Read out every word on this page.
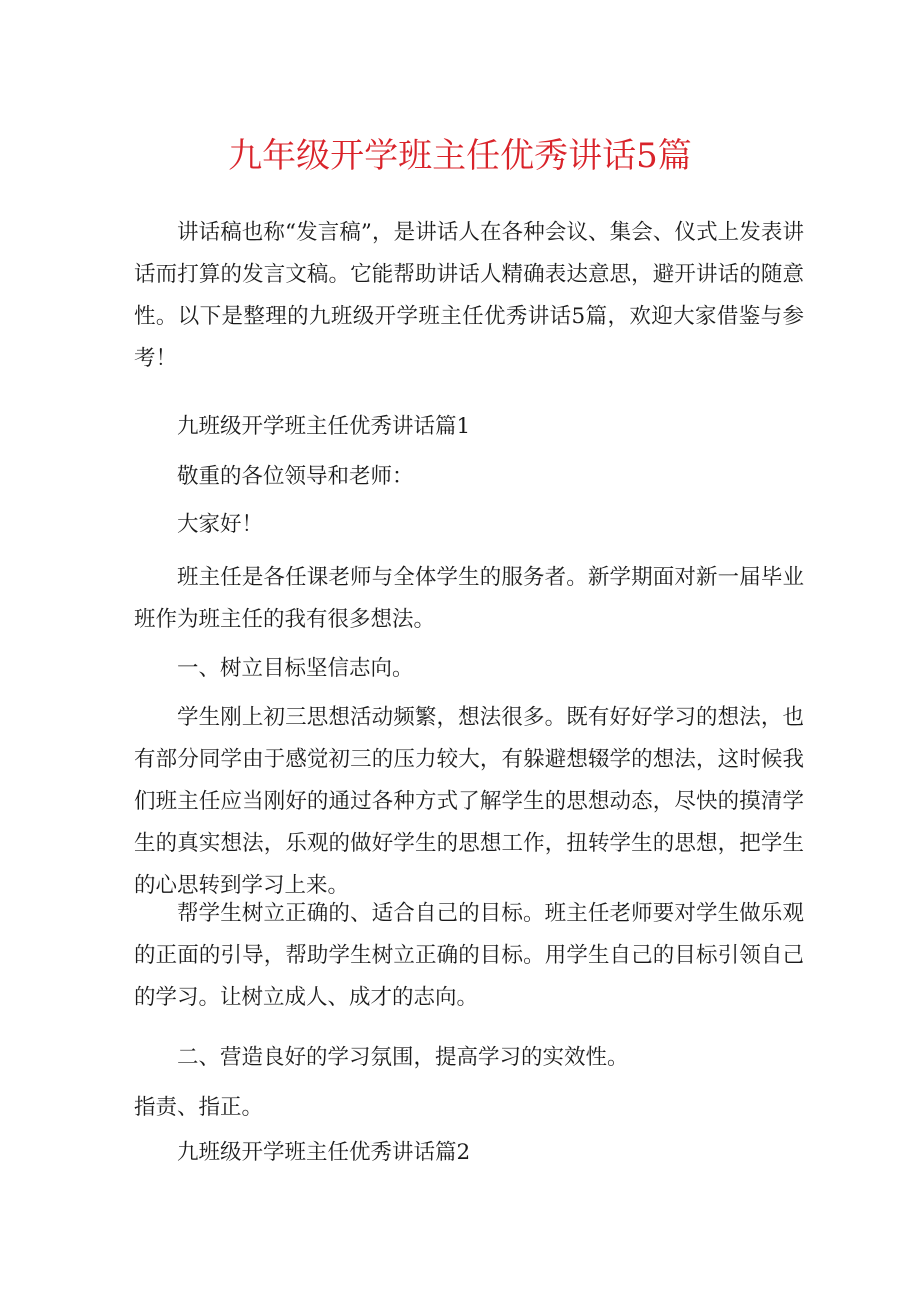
九年级开学班主任优秀讲话5篇

讲话稿也称“发言稿”，是讲话人在各种会议、集会、仪式上发表讲话而打算的发言文稿。它能帮助讲话人精确表达意思，避开讲话的随意性。以下是整理的九班级开学班主任优秀讲话5篇，欢迎大家借鉴与参考！

九班级开学班主任优秀讲话篇1
敬重的各位领导和老师：
大家好！

班主任是各任课老师与全体学生的服务者。新学期面对新一届毕业班作为班主任的我有很多想法。

一、树立目标坚信志向。

学生刚上初三思想活动频繁，想法很多。既有好好学习的想法，也有部分同学由于感觉初三的压力较大，有躲避想辍学的想法，这时候我们班主任应当刚好的通过各种方式了解学生的思想动态，尽快的摸清学生的真实想法，乐观的做好学生的思想工作，扭转学生的思想，把学生的心思转到学习上来。

帮学生树立正确的、适合自己的目标。班主任老师要对学生做乐观的正面的引导，帮助学生树立正确的目标。用学生自己的目标引领自己的学习。让树立成人、成才的志向。

二、营造良好的学习氛围，提高学习的实效性。
指责、指正。
九班级开学班主任优秀讲话篇2
